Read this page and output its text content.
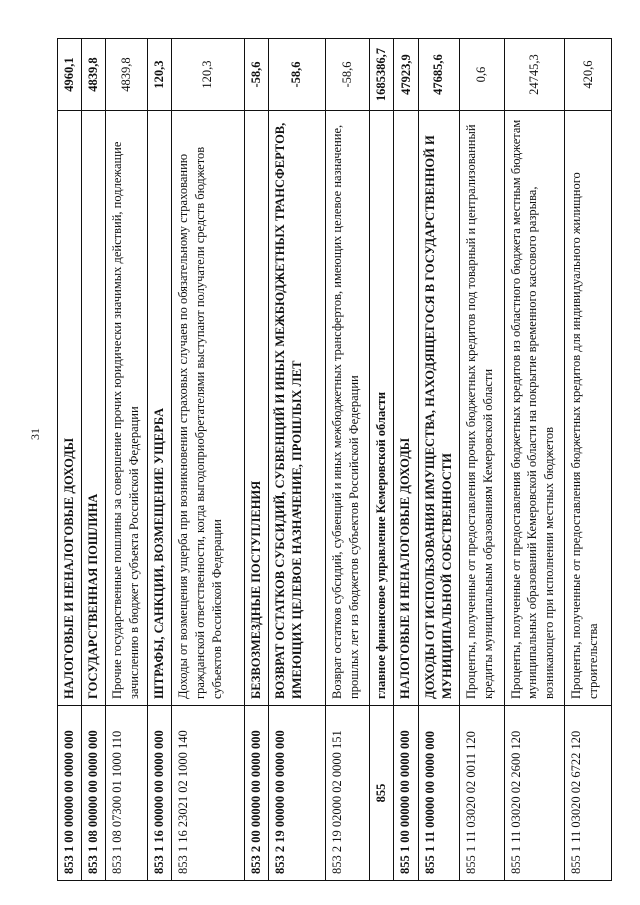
31
853 1 00 00000 00 0000 000	НАЛОГОВЫЕ И НЕНАЛОГОВЫЕ ДОХОДЫ	4960,1
853 1 08 00000 00 0000 000	ГОСУДАРСТВЕННАЯ ПОШЛИНА	4839,8
853 1 08 07300 01 1000 110	Прочие государственные пошлины за совершение прочих юридически значимых действий, подлежащие зачислению в бюджет субъекта Российской Федерации	4839,8
853 1 16 00000 00 0000 000	ШТРАФЫ, САНКЦИИ, ВОЗМЕЩЕНИЕ УЩЕРБА	120,3
853 1 16 23021 02 1000 140	Доходы от возмещения ущерба при возникновении страховых случаев по обязательному страхованию гражданской ответственности, когда выгодоприобретателями выступают получатели средств бюджетов субъектов Российской Федерации	120,3
853 2 00 00000 00 0000 000	БЕЗВОЗМЕЗДНЫЕ ПОСТУПЛЕНИЯ	-58,6
853 2 19 00000 00 0000 000	ВОЗВРАТ ОСТАТКОВ СУБСИДИЙ, СУБВЕНЦИЙ И ИНЫХ МЕЖБЮДЖЕТНЫХ ТРАНСФЕРТОВ, ИМЕЮЩИХ ЦЕЛЕВОЕ НАЗНАЧЕНИЕ, ПРОШЛЫХ ЛЕТ	-58,6
853 2 19 02000 02 0000 151	Возврат остатков субсидий, субвенций и иных межбюджетных трансфертов, имеющих целевое назначение, прошлых лет из бюджетов субъектов Российской Федерации	-58,6
855	главное финансовое управление Кемеровской области	1685386,7
855 1 00 00000 00 0000 000	НАЛОГОВЫЕ И НЕНАЛОГОВЫЕ ДОХОДЫ	47923,9
855 1 11 00000 00 0000 000	ДОХОДЫ ОТ ИСПОЛЬЗОВАНИЯ ИМУЩЕСТВА, НАХОДЯЩЕГОСЯ В ГОСУДАРСТВЕННОЙ И МУНИЦИПАЛЬНОЙ СОБСТВЕННОСТИ	47685,6
855 1 11 03020 02 0011 120	Проценты, полученные от предоставления прочих бюджетных кредитов под товарный и централизованный кредиты муниципальным образованиям Кемеровской области	0,6
855 1 11 03020 02 2600 120	Проценты, полученные от предоставления бюджетных кредитов из областного бюджета местным бюджетам муниципальных образований Кемеровской области на покрытие временного кассового разрыва, возникающего при исполнении местных бюджетов	24745,3
855 1 11 03020 02 6722 120	Проценты, полученные от предоставления бюджетных кредитов для индивидуального жилищного строительства	420,6
